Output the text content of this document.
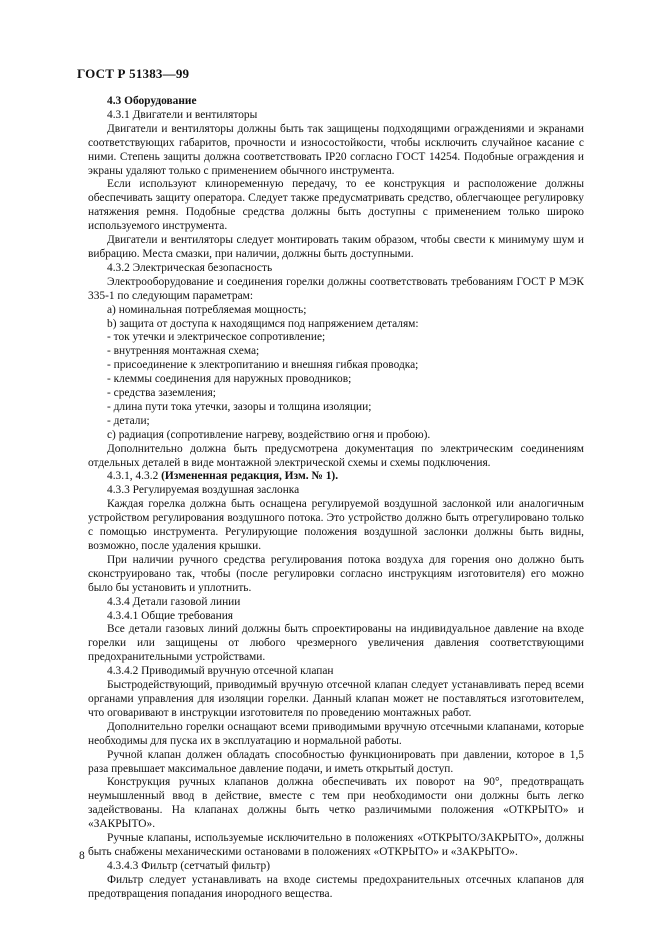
ГОСТ Р 51383—99

4.3 Оборудование

4.3.1 Двигатели и вентиляторы

Двигатели и вентиляторы должны быть так защищены подходящими ограждениями и экранами соответствующих габаритов, прочности и износостойкости, чтобы исключить случайное касание с ними. Степень защиты должна соответствовать IP20 согласно ГОСТ 14254. Подобные ограждения и экраны удаляют только с применением обычного инструмента.

Если используют клиноременную передачу, то ее конструкция и расположение должны обеспечивать защиту оператора. Следует также предусматривать средство, облегчающее регулировку натяжения ремня. Подобные средства должны быть доступны с применением только широко используемого инструмента.

Двигатели и вентиляторы следует монтировать таким образом, чтобы свести к минимуму шум и вибрацию. Места смазки, при наличии, должны быть доступными.

4.3.2 Электрическая безопасность

Электрооборудование и соединения горелки должны соответствовать требованиям ГОСТ Р МЭК 335-1 по следующим параметрам:

а) номинальная потребляемая мощность;

b) защита от доступа к находящимся под напряжением деталям:

- ток утечки и электрическое сопротивление;

- внутренняя монтажная схема;

- присоединение к электропитанию и внешняя гибкая проводка;

- клеммы соединения для наружных проводников;

- средства заземления;

- длина пути тока утечки, зазоры и толщина изоляции;

- детали;

с) радиация (сопротивление нагреву, воздействию огня и пробою).

Дополнительно должна быть предусмотрена документация по электрическим соединениям отдельных деталей в виде монтажной электрической схемы и схемы подключения.

4.3.1, 4.3.2 (Измененная редакция, Изм. № 1).

4.3.3 Регулируемая воздушная заслонка

Каждая горелка должна быть оснащена регулируемой воздушной заслонкой или аналогичным устройством регулирования воздушного потока. Это устройство должно быть отрегулировано только с помощью инструмента. Регулирующие положения воздушной заслонки должны быть видны, возможно, после удаления крышки.

При наличии ручного средства регулирования потока воздуха для горения оно должно быть сконструировано так, чтобы (после регулировки согласно инструкциям изготовителя) его можно было бы установить и уплотнить.

4.3.4 Детали газовой линии

4.3.4.1 Общие требования

Все детали газовых линий должны быть спроектированы на индивидуальное давление на входе горелки или защищены от любого чрезмерного увеличения давления соответствующими предохранительными устройствами.

4.3.4.2 Приводимый вручную отсечной клапан

Быстродействующий, приводимый вручную отсечной клапан следует устанавливать перед всеми органами управления для изоляции горелки. Данный клапан может не поставляться изготовителем, что оговаривают в инструкции изготовителя по проведению монтажных работ.

Дополнительно горелки оснащают всеми приводимыми вручную отсечными клапанами, которые необходимы для пуска их в эксплуатацию и нормальной работы.

Ручной клапан должен обладать способностью функционировать при давлении, которое в 1,5 раза превышает максимальное давление подачи, и иметь открытый доступ.

Конструкция ручных клапанов должна обеспечивать их поворот на 90°, предотвращать неумышленный ввод в действие, вместе с тем при необходимости они должны быть легко задействованы. На клапанах должны быть четко различимыми положения «ОТКРЫТО» и «ЗАКРЫТО».

Ручные клапаны, используемые исключительно в положениях «ОТКРЫТО/ЗАКРЫТО», должны быть снабжены механическими остановами в положениях «ОТКРЫТО» и «ЗАКРЫТО».

4.3.4.3 Фильтр (сетчатый фильтр)

Фильтр следует устанавливать на входе системы предохранительных отсечных клапанов для предотвращения попадания инородного вещества.

8
